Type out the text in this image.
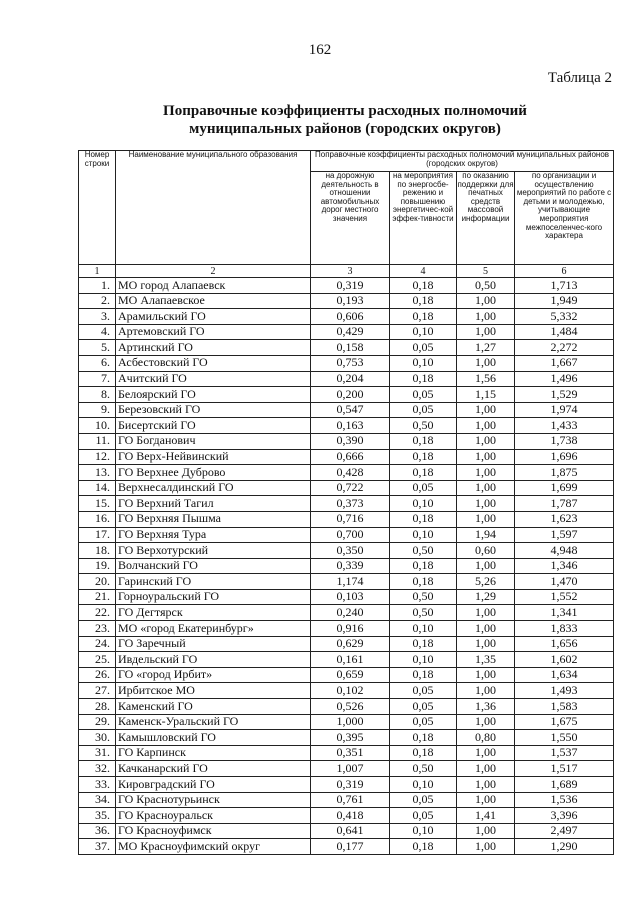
162
Таблица 2
Поправочные коэффициенты расходных полномочий
муниципальных районов (городских округов)
Номер строки	Наименование муниципального образования	Поправочные коэффициенты расходных полномочий муниципальных районов (городских округов)			
		на дорожную деятельность в отношении автомобильных дорог местного значения	на мероприятия по энергосбе-режению и повышению энергетичес-кой эффек-тивности	по оказанию поддержки для печатных средств массовой информации	по организации и осуществлению мероприятий по работе с детьми и молодежью, учитывающие мероприятия межпоселенчес-кого характера
1	2	3	4	5	6
1.	МО город Алапаевск	0,319	0,18	0,50	1,713
2.	МО Алапаевское	0,193	0,18	1,00	1,949
3.	Арамильский ГО	0,606	0,18	1,00	5,332
4.	Артемовский ГО	0,429	0,10	1,00	1,484
5.	Артинский ГО	0,158	0,05	1,27	2,272
6.	Асбестовский ГО	0,753	0,10	1,00	1,667
7.	Ачитский ГО	0,204	0,18	1,56	1,496
8.	Белоярский ГО	0,200	0,05	1,15	1,529
9.	Березовский ГО	0,547	0,05	1,00	1,974
10.	Бисертский ГО	0,163	0,50	1,00	1,433
11.	ГО Богданович	0,390	0,18	1,00	1,738
12.	ГО Верх-Нейвинский	0,666	0,18	1,00	1,696
13.	ГО Верхнее Дуброво	0,428	0,18	1,00	1,875
14.	Верхнесалдинский ГО	0,722	0,05	1,00	1,699
15.	ГО Верхний Тагил	0,373	0,10	1,00	1,787
16.	ГО Верхняя Пышма	0,716	0,18	1,00	1,623
17.	ГО Верхняя Тура	0,700	0,10	1,94	1,597
18.	ГО Верхотурский	0,350	0,50	0,60	4,948
19.	Волчанский ГО	0,339	0,18	1,00	1,346
20.	Гаринский ГО	1,174	0,18	5,26	1,470
21.	Горноуральский ГО	0,103	0,50	1,29	1,552
22.	ГО Дегтярск	0,240	0,50	1,00	1,341
23.	МО «город Екатеринбург»	0,916	0,10	1,00	1,833
24.	ГО Заречный	0,629	0,18	1,00	1,656
25.	Ивдельский ГО	0,161	0,10	1,35	1,602
26.	ГО «город Ирбит»	0,659	0,18	1,00	1,634
27.	Ирбитское МО	0,102	0,05	1,00	1,493
28.	Каменский ГО	0,526	0,05	1,36	1,583
29.	Каменск-Уральский ГО	1,000	0,05	1,00	1,675
30.	Камышловский ГО	0,395	0,18	0,80	1,550
31.	ГО Карпинск	0,351	0,18	1,00	1,537
32.	Качканарский ГО	1,007	0,50	1,00	1,517
33.	Кировградский ГО	0,319	0,10	1,00	1,689
34.	ГО Краснотурьинск	0,761	0,05	1,00	1,536
35.	ГО Красноуральск	0,418	0,05	1,41	3,396
36.	ГО Красноуфимск	0,641	0,10	1,00	2,497
37.	МО Красноуфимский округ	0,177	0,18	1,00	1,290
